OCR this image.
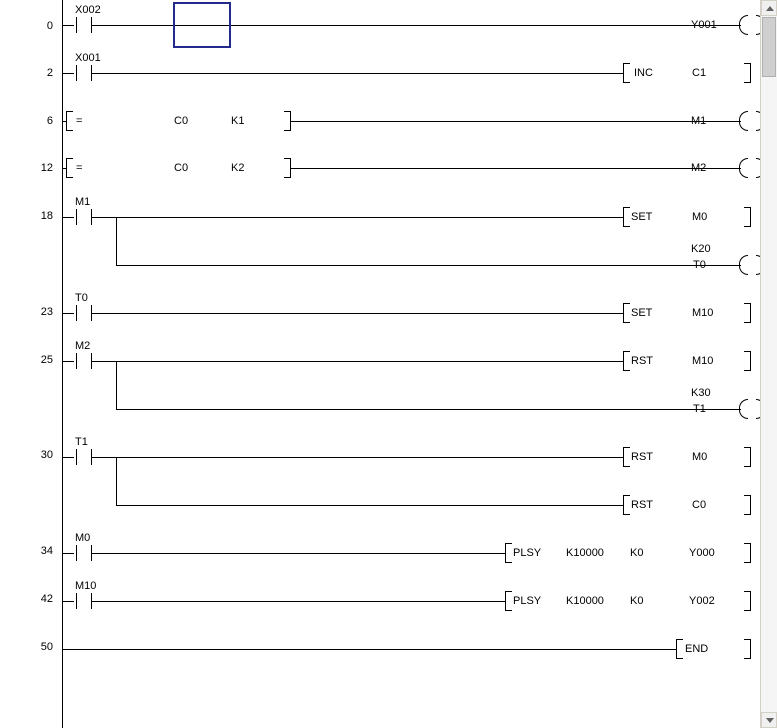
0
2
6
12
18
23
25
30
34
42
50
X002
Y001
X001
INC	C1
=	C0	K1	M1
=	C0	K2	M2
M1
SET	M0
K20
T0
T0
SET	M10
M2
RST	M10
K30
T1
T1
RST	M0
RST	C0
M0
PLSY K10000 K0	Y000
M10
PLSY K10000 K0	Y002
END
